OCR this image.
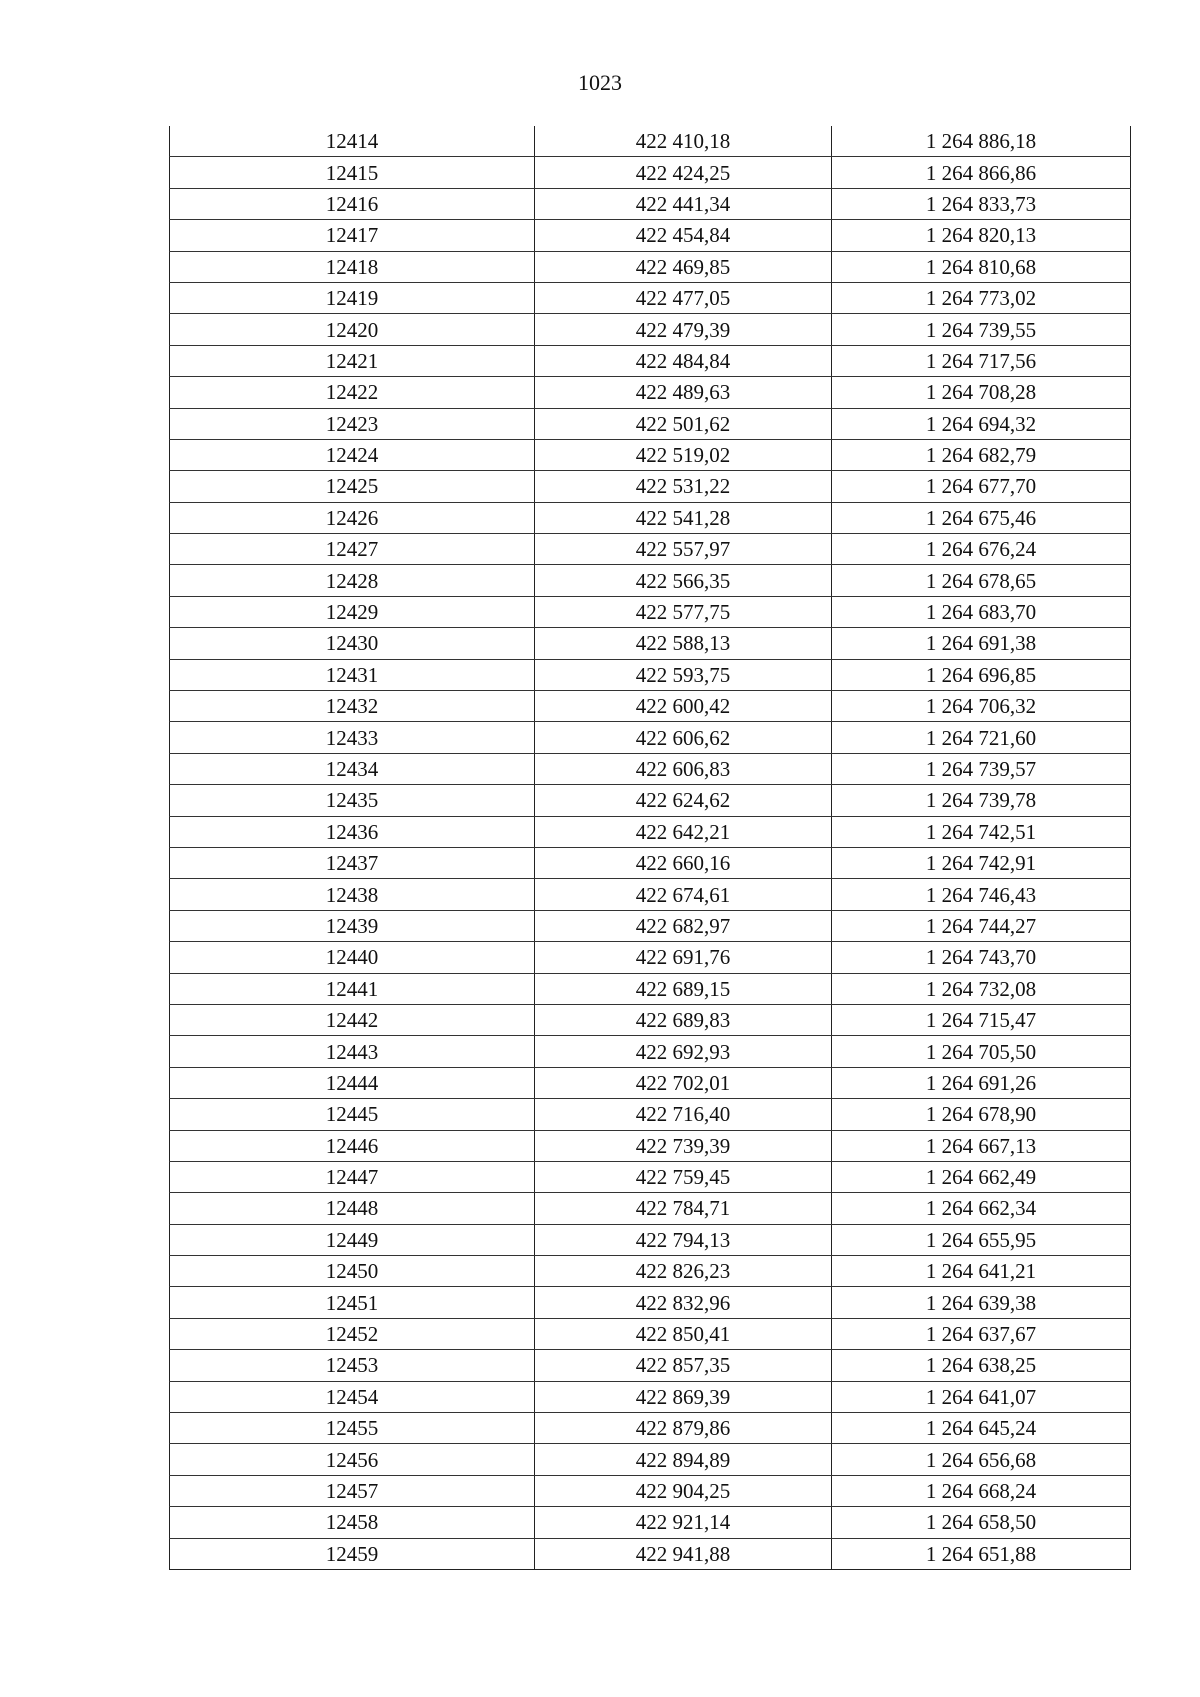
1023
12414	422 410,18	1 264 886,18
12415	422 424,25	1 264 866,86
12416	422 441,34	1 264 833,73
12417	422 454,84	1 264 820,13
12418	422 469,85	1 264 810,68
12419	422 477,05	1 264 773,02
12420	422 479,39	1 264 739,55
12421	422 484,84	1 264 717,56
12422	422 489,63	1 264 708,28
12423	422 501,62	1 264 694,32
12424	422 519,02	1 264 682,79
12425	422 531,22	1 264 677,70
12426	422 541,28	1 264 675,46
12427	422 557,97	1 264 676,24
12428	422 566,35	1 264 678,65
12429	422 577,75	1 264 683,70
12430	422 588,13	1 264 691,38
12431	422 593,75	1 264 696,85
12432	422 600,42	1 264 706,32
12433	422 606,62	1 264 721,60
12434	422 606,83	1 264 739,57
12435	422 624,62	1 264 739,78
12436	422 642,21	1 264 742,51
12437	422 660,16	1 264 742,91
12438	422 674,61	1 264 746,43
12439	422 682,97	1 264 744,27
12440	422 691,76	1 264 743,70
12441	422 689,15	1 264 732,08
12442	422 689,83	1 264 715,47
12443	422 692,93	1 264 705,50
12444	422 702,01	1 264 691,26
12445	422 716,40	1 264 678,90
12446	422 739,39	1 264 667,13
12447	422 759,45	1 264 662,49
12448	422 784,71	1 264 662,34
12449	422 794,13	1 264 655,95
12450	422 826,23	1 264 641,21
12451	422 832,96	1 264 639,38
12452	422 850,41	1 264 637,67
12453	422 857,35	1 264 638,25
12454	422 869,39	1 264 641,07
12455	422 879,86	1 264 645,24
12456	422 894,89	1 264 656,68
12457	422 904,25	1 264 668,24
12458	422 921,14	1 264 658,50
12459	422 941,88	1 264 651,88
